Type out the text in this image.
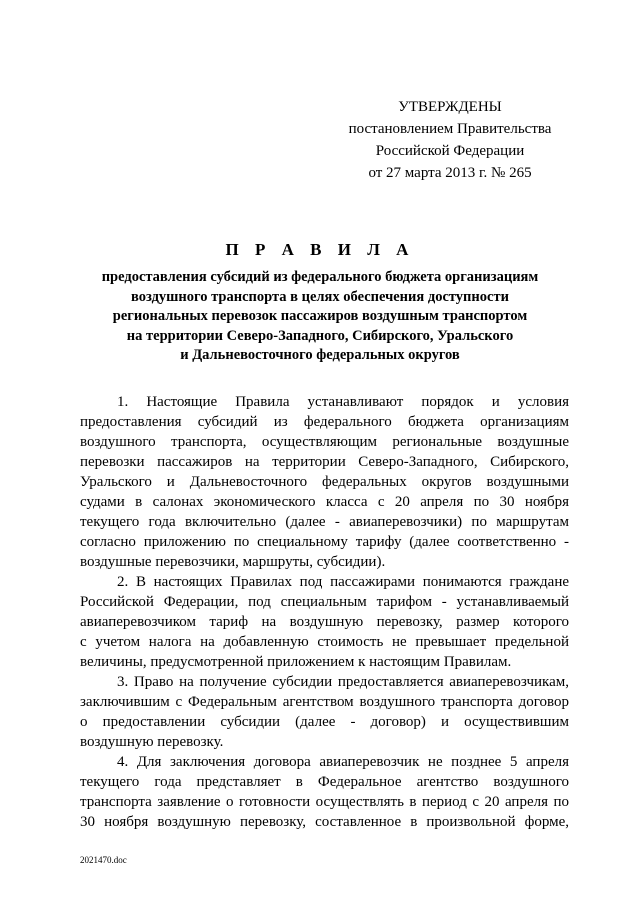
УТВЕРЖДЕНЫ
постановлением Правительства
Российской Федерации
от 27 марта 2013 г. № 265
П Р А В И Л А
предоставления субсидий из федерального бюджета организациям
воздушного транспорта в целях обеспечения доступности
региональных перевозок пассажиров воздушным транспортом
на территории Северо-Западного, Сибирского, Уральского
и Дальневосточного федеральных округов
1. Настоящие Правила устанавливают порядок и условия
предоставления субсидий из федерального бюджета организациям
воздушного транспорта, осуществляющим региональные воздушные
перевозки пассажиров на территории Северо-Западного, Сибирского,
Уральского и Дальневосточного федеральных округов воздушными
судами в салонах экономического класса с 20 апреля по 30 ноября
текущего года включительно (далее - авиаперевозчики) по маршрутам
согласно приложению по специальному тарифу (далее соответственно -
воздушные перевозчики, маршруты, субсидии).
2. В настоящих Правилах под пассажирами понимаются граждане
Российской Федерации, под специальным тарифом - устанавливаемый
авиаперевозчиком тариф на воздушную перевозку, размер которого
с учетом налога на добавленную стоимость не превышает предельной
величины, предусмотренной приложением к настоящим Правилам.
3. Право на получение субсидии предоставляется авиаперевозчикам,
заключившим с Федеральным агентством воздушного транспорта договор
о предоставлении субсидии (далее - договор) и осуществившим
воздушную перевозку.
4. Для заключения договора авиаперевозчик не позднее 5 апреля
текущего года представляет в Федеральное агентство воздушного
транспорта заявление о готовности осуществлять в период с 20 апреля по
30 ноября воздушную перевозку, составленное в произвольной форме,
2021470.doc
